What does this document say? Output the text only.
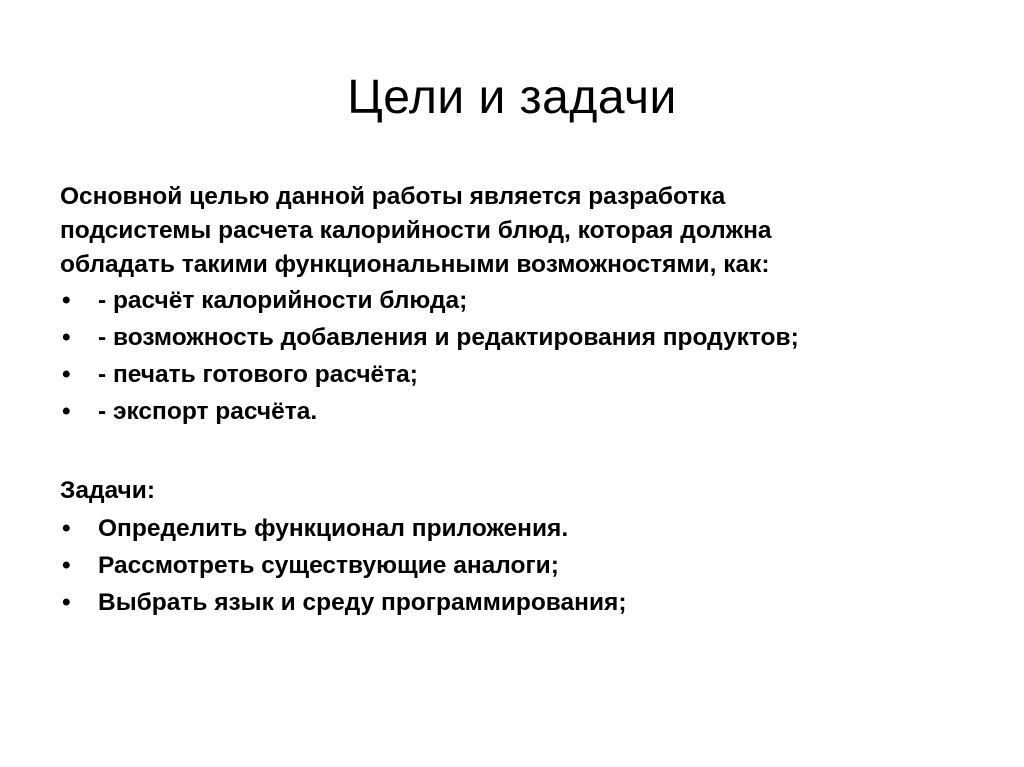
Цели и задачи
Основной целью данной работы является разработка
подсистемы расчета калорийности блюд, которая должна
обладать такими функциональными возможностями, как:
• - расчёт калорийности блюда;
• - возможность добавления и редактирования продуктов;
• - печать готового расчёта;
• - экспорт расчёта.
Задачи:
• Определить функционал приложения.
• Рассмотреть существующие аналоги;
• Выбрать язык и среду программирования;
